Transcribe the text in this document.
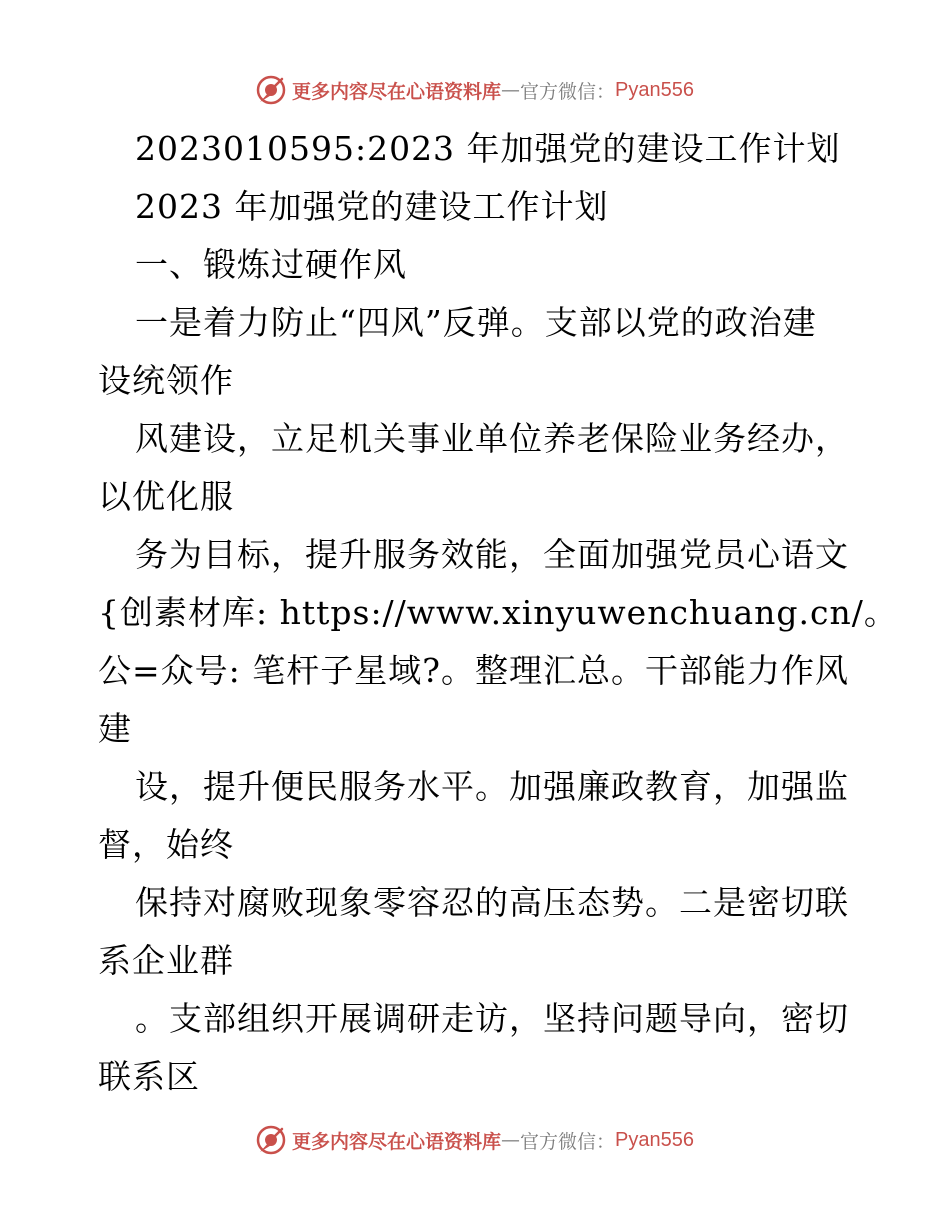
更多内容尽在心语资料库 — 官方微信： Pyan556
2023010595:2023 年加强党的建设工作计划
2023 年加强党的建设工作计划
一、锻炼过硬作风
一是着力防止“四风”反弹。支部以党的政治建
设统领作
风建设，立足机关事业单位养老保险业务经办，
以优化服
务为目标，提升服务效能，全面加强党员心语文
{创素材库: https://www.xinyuwenchuang.cn/。
公=众号: 笔杆子星域?。整理汇总。干部能力作风
建
设，提升便民服务水平。加强廉政教育，加强监
督，始终
保持对腐败现象零容忍的高压态势。二是密切联
系企业群
。支部组织开展调研走访，坚持问题导向，密切
联系区
更多内容尽在心语资料库 — 官方微信： Pyan556
